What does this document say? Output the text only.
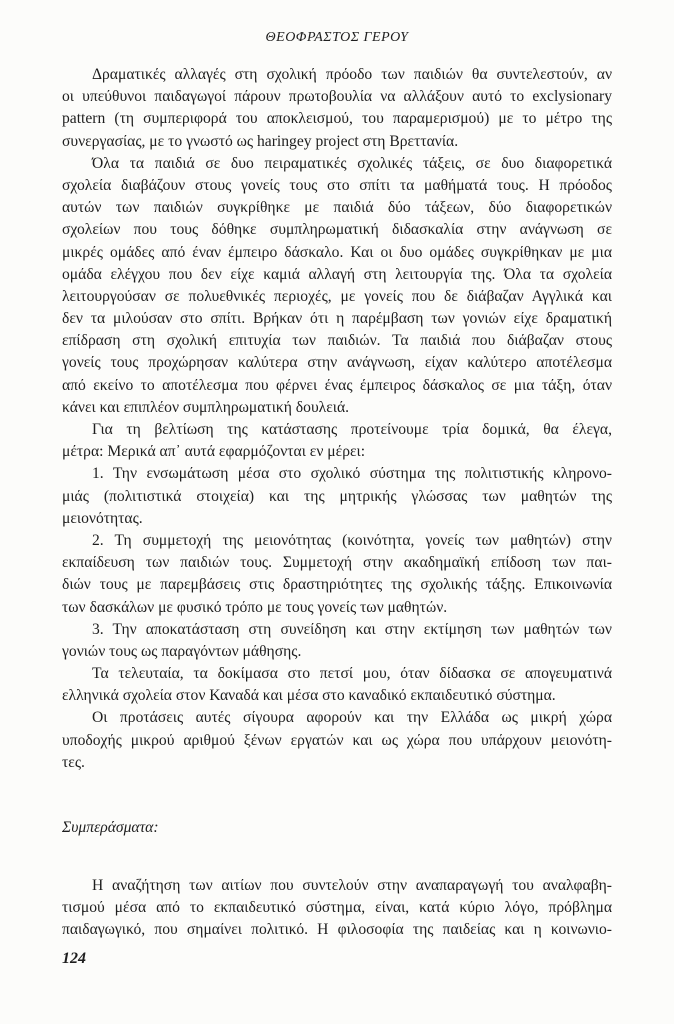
ΘΕΟΦΡΑΣΤΟΣ ΓΕΡΟΥ
Δραματικές αλλαγές στη σχολική πρόοδο των παιδιών θα συντελεστούν, αν
οι υπεύθυνοι παιδαγωγοί πάρουν πρωτοβουλία να αλλάξουν αυτό το exclysionary
pattern (τη συμπεριφορά του αποκλεισμού, του παραμερισμού) με το μέτρο της
συνεργασίας, με το γνωστό ως haringey project στη Βρεττανία.
Όλα τα παιδιά σε δυο πειραματικές σχολικές τάξεις, σε δυο διαφορετικά
σχολεία διαβάζουν στους γονείς τους στο σπίτι τα μαθήματά τους. Η πρόοδος
αυτών των παιδιών συγκρίθηκε με παιδιά δύο τάξεων, δύο διαφορετικών
σχολείων που τους δόθηκε συμπληρωματική διδασκαλία στην ανάγνωση σε
μικρές ομάδες από έναν έμπειρο δάσκαλο. Και οι δυο ομάδες συγκρίθηκαν με μια
ομάδα ελέγχου που δεν είχε καμιά αλλαγή στη λειτουργία της. Όλα τα σχολεία
λειτουργούσαν σε πολυεθνικές περιοχές, με γονείς που δε διάβαζαν Αγγλικά και
δεν τα μιλούσαν στο σπίτι. Βρήκαν ότι η παρέμβαση των γονιών είχε δραματική
επίδραση στη σχολική επιτυχία των παιδιών. Τα παιδιά που διάβαζαν στους
γονείς τους προχώρησαν καλύτερα στην ανάγνωση, είχαν καλύτερο αποτέλεσμα
από εκείνο το αποτέλεσμα που φέρνει ένας έμπειρος δάσκαλος σε μια τάξη, όταν
κάνει και επιπλέον συμπληρωματική δουλειά.
Για τη βελτίωση της κατάστασης προτείνουμε τρία δομικά, θα έλεγα,
μέτρα: Μερικά απ᾿ αυτά εφαρμόζονται εν μέρει:
1. Την ενσωμάτωση μέσα στο σχολικό σύστημα της πολιτιστικής κληρονο-
μιάς (πολιτιστικά στοιχεία) και της μητρικής γλώσσας των μαθητών της
μειονότητας.
2. Τη συμμετοχή της μειονότητας (κοινότητα, γονείς των μαθητών) στην
εκπαίδευση των παιδιών τους. Συμμετοχή στην ακαδημαϊκή επίδοση των παι-
διών τους με παρεμβάσεις στις δραστηριότητες της σχολικής τάξης. Επικοινωνία
των δασκάλων με φυσικό τρόπο με τους γονείς των μαθητών.
3. Την αποκατάσταση στη συνείδηση και στην εκτίμηση των μαθητών των
γονιών τους ως παραγόντων μάθησης.
Τα τελευταία, τα δοκίμασα στο πετσί μου, όταν δίδασκα σε απογευματινά
ελληνικά σχολεία στον Καναδά και μέσα στο καναδικό εκπαιδευτικό σύστημα.
Οι προτάσεις αυτές σίγουρα αφορούν και την Ελλάδα ως μικρή χώρα
υποδοχής μικρού αριθμού ξένων εργατών και ως χώρα που υπάρχουν μειονότη-
τες.
Συμπεράσματα:
Η αναζήτηση των αιτίων που συντελούν στην αναπαραγωγή του αναλφαβη-
τισμού μέσα από το εκπαιδευτικό σύστημα, είναι, κατά κύριο λόγο, πρόβλημα
παιδαγωγικό, που σημαίνει πολιτικό. Η φιλοσοφία της παιδείας και η κοινωνιο-
124
